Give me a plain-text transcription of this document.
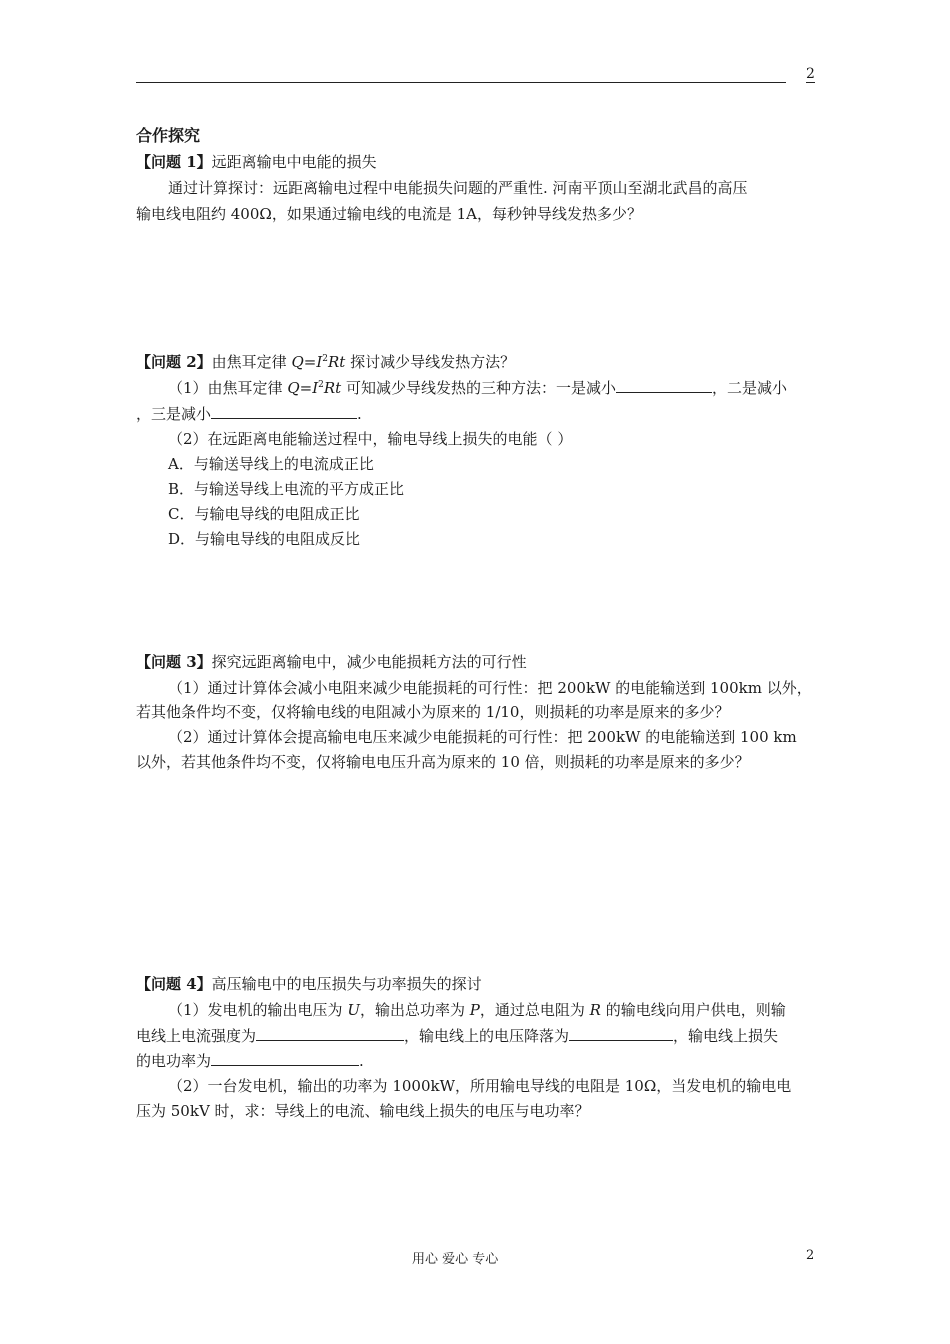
2
合作探究
【问题 1】远距离输电中电能的损失
通过计算探讨：远距离输电过程中电能损失问题的严重性. 河南平顶山至湖北武昌的高压
输电线电阻约 400Ω，如果通过输电线的电流是 1A，每秒钟导线发热多少？
【问题 2】由焦耳定律 $Q=I^2Rt$ 探讨减少导线发热方法？
（1）由焦耳定律 $Q=I^2Rt$ 可知减少导线发热的三种方法：一是减小	，二是减小
，三是减小	.
（2）在远距离电能输送过程中，输电导线上损失的电能（ ）
A．与输送导线上的电流成正比
B．与输送导线上电流的平方成正比
C．与输电导线的电阻成正比
D．与输电导线的电阻成反比
【问题 3】探究远距离输电中，减少电能损耗方法的可行性
（1）通过计算体会减小电阻来减少电能损耗的可行性：把 200kW 的电能输送到 100km 以外，
若其他条件均不变，仅将输电线的电阻减小为原来的 1/10，则损耗的功率是原来的多少？
（2）通过计算体会提高输电电压来减少电能损耗的可行性：把 200kW 的电能输送到 100 km
以外，若其他条件均不变，仅将输电电压升高为原来的 10 倍，则损耗的功率是原来的多少？
【问题 4】高压输电中的电压损失与功率损失的探讨
（1）发电机的输出电压为 U，输出总功率为 P，通过总电阻为 R 的输电线向用户供电，则输
电线上电流强度为	，输电线上的电压降落为	，输电线上损失
的电功率为	.
（2）一台发电机，输出的功率为 1000kW，所用输电导线的电阻是 10Ω，当发电机的输电电
压为 50kV 时，求：导线上的电流、输电线上损失的电压与电功率？
用心 爱心 专心	2
